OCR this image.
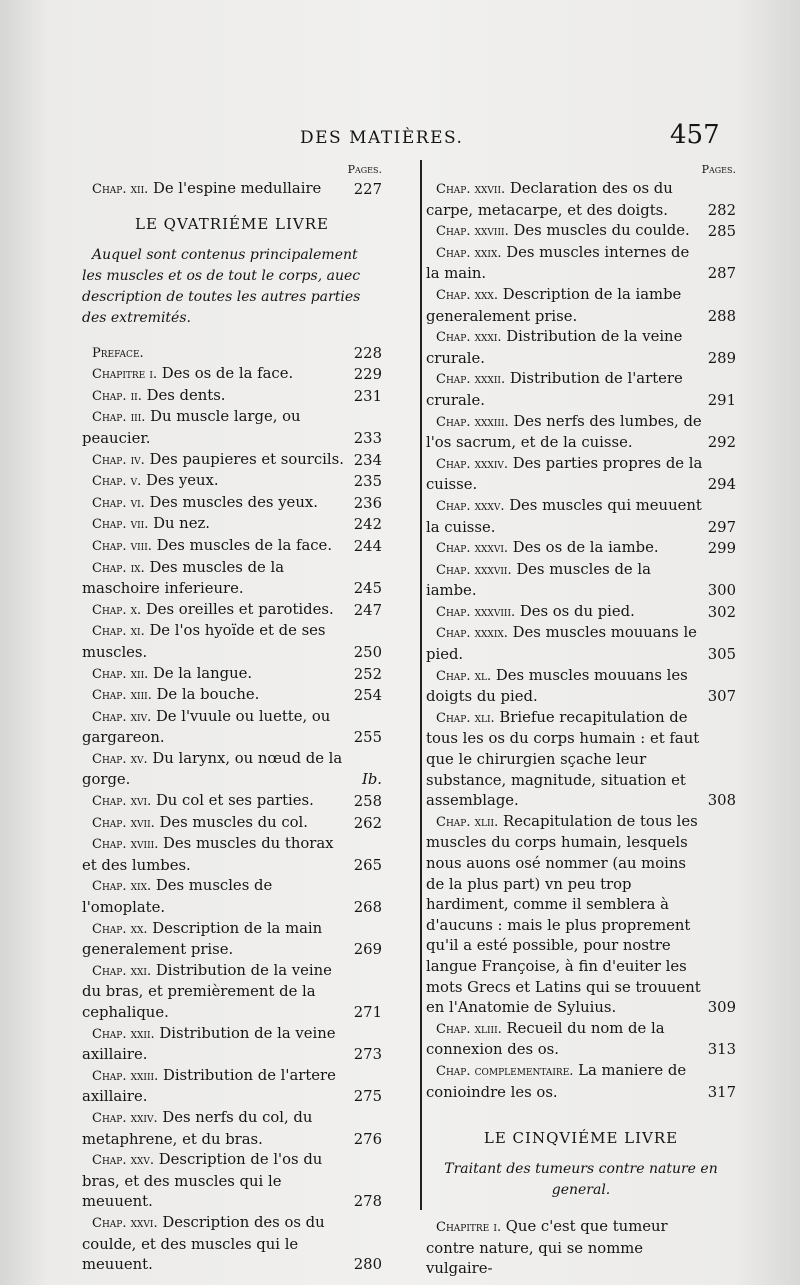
DES MATIÈRES.	457
Pages.
Chap. xii. De l'espine medullaire 227
LE QVATRIÉME LIVRE
Auquel sont contenus principalement les muscles et os de tout le corps, auec description de toutes les autres parties des extremités.
Preface.	228
Chapitre i. Des os de la face.	229
Chap. ii. Des dents.	231
Chap. iii. Du muscle large, ou peaucier.	233
Chap. iv. Des paupieres et sourcils. 234
Chap. v. Des yeux.	235
Chap. vi. Des muscles des yeux. 236
Chap. vii. Du nez.	242
Chap. viii. Des muscles de la face. 244
Chap. ix. Des muscles de la maschoire inferieure.	245
Chap. x. Des oreilles et parotides. 247
Chap. xi. De l'os hyoïde et de ses muscles.	250
Chap. xii. De la langue.	252
Chap. xiii. De la bouche.	254
Chap. xiv. De l'vuule ou luette, ou gargareon.	255
Chap. xv. Du larynx, ou nœud de la gorge.	Ib.
Chap. xvi. Du col et ses parties.	258
Chap. xvii. Des muscles du col.	262
Chap. xviii. Des muscles du thorax et des lumbes.	265
Chap. xix. Des muscles de l'omoplate.	268
Chap. xx. Description de la main generalement prise.	269
Chap. xxi. Distribution de la veine du bras, et premièrement de la cephalique.	271
Chap. xxii. Distribution de la veine axillaire.	273
Chap. xxiii. Distribution de l'artere axillaire.	275
Chap. xxiv. Des nerfs du col, du metaphrene, et du bras.	276
Chap. xxv. Description de l'os du bras, et des muscles qui le meuuent.	278
Chap. xxvi. Description des os du coulde, et des muscles qui le meuuent.	280
Pages.
Chap. xxvii. Declaration des os du carpe, metacarpe, et des doigts.	282
Chap. xxviii. Des muscles du coulde. 285
Chap. xxix. Des muscles internes de la main.	287
Chap. xxx. Description de la iambe generalement prise.	288
Chap. xxxi. Distribution de la veine crurale.	289
Chap. xxxii. Distribution de l'artere crurale.	291
Chap. xxxiii. Des nerfs des lumbes, de l'os sacrum, et de la cuisse.	292
Chap. xxxiv. Des parties propres de la cuisse.	294
Chap. xxxv. Des muscles qui meuuent la cuisse.	297
Chap. xxxvi. Des os de la iambe.	299
Chap. xxxvii. Des muscles de la iambe.	300
Chap. xxxviii. Des os du pied.	302
Chap. xxxix. Des muscles mouuans le pied.	305
Chap. xl. Des muscles mouuans les doigts du pied.	307
Chap. xli. Briefue recapitulation de tous les os du corps humain : et faut que le chirurgien sçache leur substance, magnitude, situation et assemblage.	308
Chap. xlii. Recapitulation de tous les muscles du corps humain, lesquels nous auons osé nommer (au moins de la plus part) vn peu trop hardiment, comme il semblera à d'aucuns : mais le plus proprement qu'il a esté possible, pour nostre langue Françoise, à fin d'euiter les mots Grecs et Latins qui se trouuent en l'Anatomie de Syluius.	309
Chap. xliii. Recueil du nom de la connexion des os.	313
Chap. complementaire. La maniere de conioindre les os.	317
LE CINQVIÉME LIVRE
Traitant des tumeurs contre nature en general.
Chapitre i. Que c'est que tumeur contre nature, qui se nomme vulgaire-
